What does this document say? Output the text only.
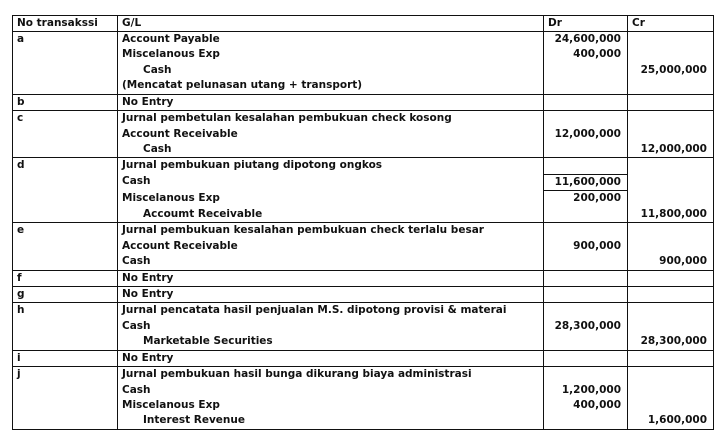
No transakssi	G/L	Dr	Cr
a	Account Payable	24,600,000	
	Miscelanous Exp	400,000	
	Cash		25,000,000
	(Mencatat pelunasan utang + transport)		
b	No Entry		
c	Jurnal pembetulan kesalahan pembukuan check kosong		
	Account Receivable	12,000,000	
	Cash		12,000,000
d	Jurnal pembukuan piutang dipotong ongkos		
	Cash	11,600,000	
	Miscelanous Exp	200,000	
	Accoumt Receivable		11,800,000
e	Jurnal pembukuan kesalahan pembukuan check terlalu besar		
	Account Receivable	900,000	
	Cash		900,000
f	No Entry		
g	No Entry		
h	Jurnal pencatata hasil penjualan M.S. dipotong provisi & materai		
	Cash	28,300,000	
	Marketable Securities		28,300,000
i	No Entry		
j	Jurnal pembukuan hasil bunga dikurang biaya administrasi		
	Cash	1,200,000	
	Miscelanous Exp	400,000	
	Interest Revenue		1,600,000
